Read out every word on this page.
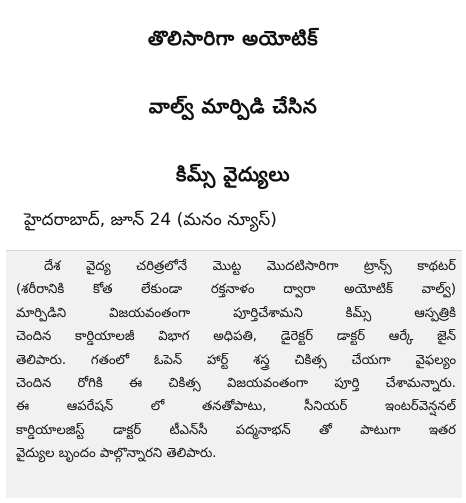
తొలిసారిగా అయోటిక్
వాల్వ్ మార్పిడి చేసిన
కిమ్స్ వైద్యులు
హైదరాబాద్, జూన్ 24 (మనం న్యూస్)
దేశ వైద్య చరిత్రలోనే మొట్ట మొదటిసారిగా ట్రాన్స్ కాథటర్
(శరీరానికి కోత లేకుండా రక్తనాళం ద్వారా అయోటిక్ వాల్వ్)
మార్పిడిని విజయవంతంగా పూర్తిచేశామని కిమ్స్ ఆస్పత్రికి
చెందిన కార్డియాలజీ విభాగ అధిపతి, డైరెక్టర్ డాక్టర్ ఆర్కే జైన్
తెలిపారు. గతంలో ఓపెన్ హార్ట్ శస్త్ర చికిత్స చేయగా వైఫల్యం
చెందిన రోగికి ఈ చికిత్స విజయవంతంగా పూర్తి చేశామన్నారు.
ఈ ఆపరేషన్ లో తనతోపాటు, సీనియర్ ఇంటర్‌వెన్షనల్
కార్డియాలజిస్ట్ డాక్టర్ టీఎన్‌సీ పద్మనాభన్ తో పాటుగా ఇతర
వైద్యుల బృందం పాల్గొన్నారని తెలిపారు.
